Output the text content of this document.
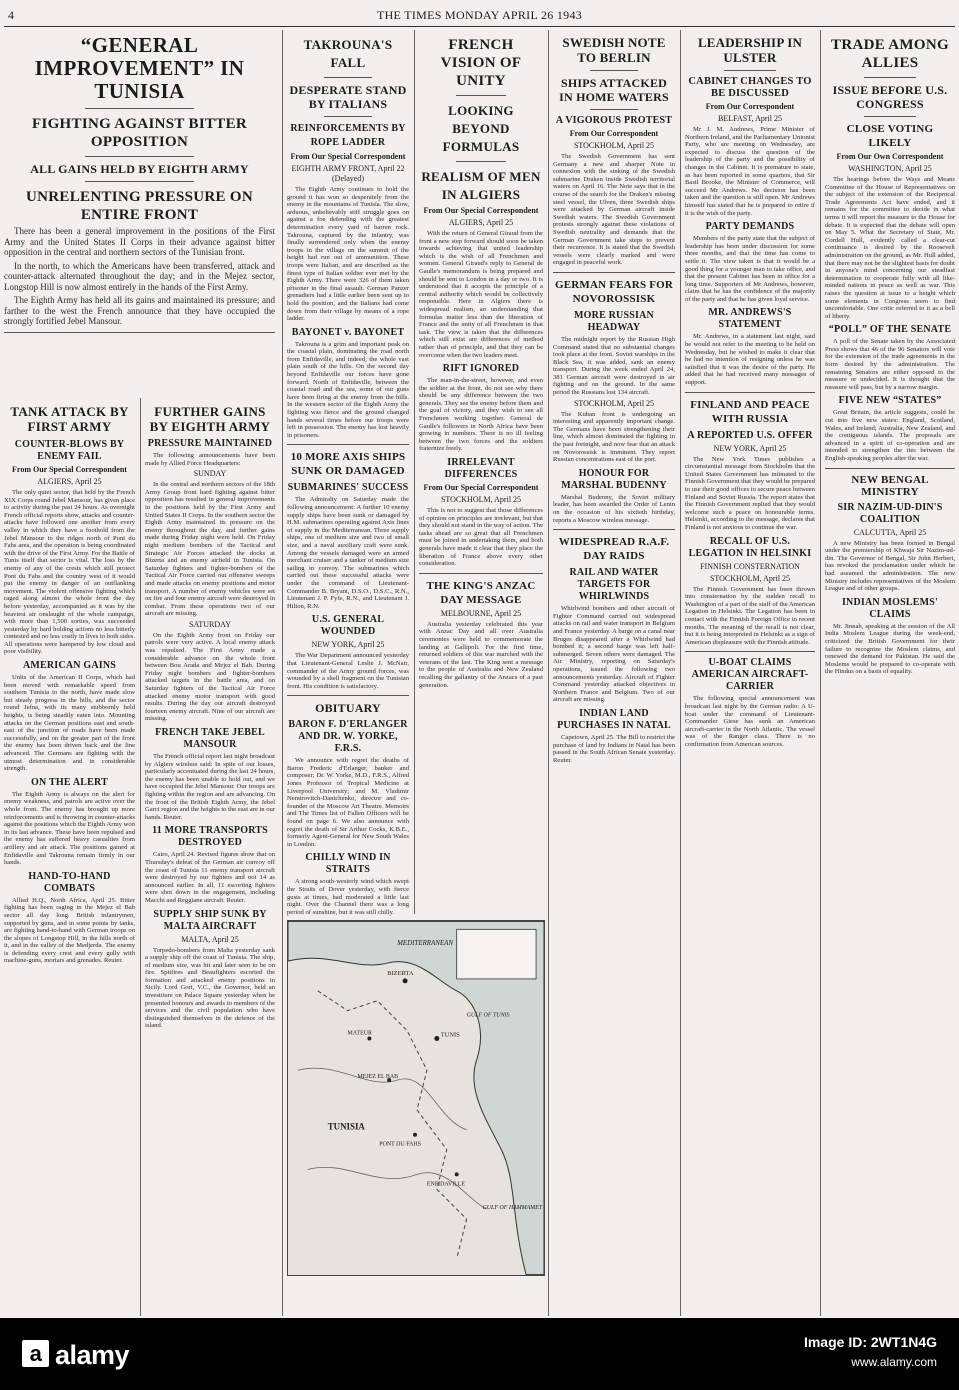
4	THE TIMES MONDAY APRIL 26 1943
“GENERAL IMPROVEMENT” IN TUNISIA
FIGHTING AGAINST BITTER OPPOSITION
ALL GAINS HELD BY EIGHTH ARMY
UNRELENTING PRESSURE ON ENTIRE FRONT

There has been a general improvement in the positions of the First Army and the United States II Corps in their advance against bitter opposition in the central and northern sectors of the Tunisian front.

In the north, to which the Americans have been transferred, attack and counter-attack alternated throughout the day; and in the Mejez sector, Longstop Hill is now almost entirely in the hands of the First Army.

The Eighth Army has held all its gains and maintained its pressure; and farther to the west the French announce that they have occupied the strongly fortified Jebel Mansour.

TANK ATTACK BY FIRST ARMY
COUNTER-BLOWS BY ENEMY FAIL
From Our Special Correspondent
ALGIERS, April 25

The only quiet sector, that held by the French XIX Corps round Jebel Mansour, has given place to activity during the past 24 hours. As overnight French official reports show, attacks and counter-attacks have followed one another from every valley in which they have a foothold from the Jebel Mansour to the ridges north of Pont du Fahs area, and the operation is being coordinated with the drive of the First Army. For the Battle of Tunis itself that sector is vital. The loss by the enemy of any of the crests which still protect Pont du Fahs and the country west of it would put the enemy in danger of an outflanking movement. The violent offensive fighting which raged along almost the whole front the day before yesterday, accompanied as it was by the heaviest air onslaught of the whole campaign, with more than 1,500 sorties, was succeeded yesterday by hard holding actions no less bitterly contested and no less costly in lives to both sides. All operations were hampered by low cloud and poor visibility.

AMERICAN GAINS

Units of the American II Corps, which had been moved with remarkable speed from southern Tunisia to the north, have made slow but steady progress in the hills, and the sector round Jefna, with its many stubbornly held heights, is being steadily eaten into. Mounting attacks on the German positions east and south-east of the junction of roads have been made successfully, and on the greater part of the front the enemy has been driven back and the line advanced. The Germans are fighting with the utmost determination and in considerable strength.

ON THE ALERT

The Eighth Army is always on the alert for enemy weakness, and patrols are active over the whole front. The enemy has brought up more reinforcements and is throwing in counter-attacks against the positions which the Eighth Army won in its last advance. These have been repulsed and the enemy has suffered heavy casualties from artillery and air attack. The positions gained at Enfidaville and Takrouna remain firmly in our hands.

HAND-TO-HAND COMBATS

Allied H.Q., North Africa, April 25. Bitter fighting has been raging in the Mejez el Bab sector all day long. British infantrymen, supported by guns, and in some points by tanks, are fighting hand-to-hand with German troops on the slopes of Longstop Hill, in the hills north of it, and in the valley of the Medjerda. The enemy is defending every crest and every gully with machine-guns, mortars and grenades. Reuter.

FURTHER GAINS BY EIGHTH ARMY
PRESSURE MAINTAINED

The following announcements have been made by Allied Force Headquarters:

SUNDAY

In the central and northern sectors of the 18th Army Group front hard fighting against bitter opposition has resulted in general improvements in the positions held by the First Army and United States II Corps. In the southern sector the Eighth Army maintained its pressure on the enemy throughout the day, and further gains made during Friday night were held. On Friday night medium bombers of the Tactical and Strategic Air Forces attacked the docks at Bizerta and an enemy airfield in Tunisia. On Saturday fighters and fighter-bombers of the Tactical Air Force carried out offensive sweeps and made attacks on enemy positions and motor transport. A number of enemy vehicles were set on fire and four enemy aircraft were destroyed in combat. From these operations two of our aircraft are missing.

SATURDAY

On the Eighth Army front on Friday our patrols were very active. A local enemy attack was repulsed. The First Army made a considerable advance on the whole front between Bou Arada and Mejez el Bab. During Friday night bombers and fighter-bombers attacked targets in the battle area, and on Saturday fighters of the Tactical Air Force attacked enemy motor transport with good results. During the day our aircraft destroyed fourteen enemy aircraft. Nine of our aircraft are missing.

FRENCH TAKE JEBEL MANSOUR

The French official report last night broadcast by Algiers wireless said: In spite of our losses, particularly accentuated during the last 24 hours, the enemy has been unable to hold out, and we have occupied the Jebel Mansour. Our troops are fighting within the region and are advancing. On the front of the British Eighth Army, the Jebel Garci region and the heights to the east are in our hands. Reuter.

11 MORE TRANSPORTS DESTROYED

Cairo, April 24. Revised figures show that on Thursday's defeat of the German air convoy off the coast of Tunisia 11 enemy transport aircraft were destroyed by our fighters and not 14 as announced earlier. In all, 11 escorting fighters were shot down in the engagement, including Macchi and Reggiane aircraft. Reuter.

SUPPLY SHIP SUNK BY MALTA AIRCRAFT
MALTA, April 25

Torpedo-bombers from Malta yesterday sank a supply ship off the coast of Tunisia. The ship, of medium size, was hit and later seen to be on fire. Spitfires and Beaufighters escorted the formation and attacked enemy positions in Sicily. Lord Gort, V.C., the Governor, held an investiture on Palace Square yesterday when he presented honours and awards to members of the services and the civil population who have distinguished themselves in the defence of the island.

TAKROUNA'S FALL
DESPERATE STAND BY ITALIANS
REINFORCEMENTS BY ROPE LADDER
From Our Special Correspondent
EIGHTH ARMY FRONT, April 22 (Delayed)

The Eighth Army continues to hold the ground it has won so desperately from the enemy in the mountains of Tunisia. The slow, arduous, unbelievably stiff struggle goes on against a foe defending with the greatest determination every yard of barren rock. Takrouna, captured by the infantry, was finally surrendered only when the enemy troops in the village on the summit of the height had run out of ammunition. These troops were Italian, and are described as the finest type of Italian soldier ever met by the Eighth Army. There were 326 of them taken prisoner in the final assault. German Panzer grenadiers had a little earlier been sent up to hold the position, and the Italians had come down from their village by means of a rope ladder.

BAYONET v. BAYONET

Takrouna is a grim and important peak on the coastal plain, dominating the road north from Enfidaville, and indeed, the whole vast plain south of the hills. On the second day beyond Enfidaville our forces have gone forward. North of Enfidaville, between the coastal road and the sea, some of our guns have been firing at the enemy from the hills. In the western sector of the Eighth Army the fighting was fierce and the ground changed hands several times before our troops were left in possession. The enemy has lost heavily in prisoners.

10 MORE AXIS SHIPS SUNK OR DAMAGED
SUBMARINES' SUCCESS

The Admiralty on Saturday made the following announcement: A further 10 enemy supply ships have been sunk or damaged by H.M. submarines operating against Axis lines of supply in the Mediterranean. Three supply ships, one of medium size and two of small size, and a naval auxiliary craft were sunk. Among the vessels damaged were an armed merchant cruiser and a tanker of medium size sailing in convoy. The submarines which carried out these successful attacks were under the command of Lieutenant-Commander B. Bryant, D.S.O., D.S.C., R.N., Lieutenant J. P. Fyfe, R.N., and Lieutenant J. Hilton, R.N.

U.S. GENERAL WOUNDED
NEW YORK, April 25

The War Department announced yesterday that Lieutenant-General Leslie J. McNair, commander of the Army ground forces, was wounded by a shell fragment on the Tunisian front. His condition is satisfactory.

OBITUARY
BARON F. D'ERLANGER AND DR. W. YORKE, F.R.S.

We announce with regret the deaths of Baron Frederic d'Erlanger, banker and composer; Dr. W. Yorke, M.D., F.R.S., Alfred Jones Professor of Tropical Medicine at Liverpool University; and M. Vladimir Nemirovitch-Dantchenko, director and co-founder of the Moscow Art Theatre. Memoirs and The Times list of Fallen Officers will be found on page 6. We also announce with regret the death of Sir Arthur Cocks, K.B.E., formerly Agent-General for New South Wales in London.

CHILLY WIND IN STRAITS

A strong south-westerly wind which swept the Straits of Dover yesterday, with fierce gusts at times, had moderated a little last night. Over the Channel there was a long period of sunshine, but it was still chilly.

TUNISIA
BIZERTA
TUNIS
GULF OF TUNIS
GULF OF HAMMAMET
MATEUR
MEJEZ EL BAB
PONT DU FAHS
ENFIDAVILLE
MEDITERRANEAN
FRENCH VISION OF UNITY
LOOKING BEYOND FORMULAS
REALISM OF MEN IN ALGIERS
From Our Special Correspondent
ALGIERS, April 25

With the return of General Giraud from the front a new step forward should soon be taken towards achieving that united leadership which is the wish of all Frenchmen and women. General Giraud's reply to General de Gaulle's memorandum is being prepared and should be sent to London in a day or two. It is understood that it accepts the principle of a central authority which would be collectively responsible. Here in Algiers there is widespread realism, an understanding that formulas matter less than the liberation of France and the unity of all Frenchmen in that task. The view is taken that the differences which still exist are differences of method rather than of principle, and that they can be overcome when the two leaders meet.

RIFT IGNORED

The man-in-the-street, however, and even the soldier at the front, do not see why there should be any difference between the two generals. They see the enemy before them and the goal of victory, and they wish to see all Frenchmen working together. General de Gaulle's followers in North Africa have been growing in numbers. There is no ill feeling between the two forces and the soldiers fraternize freely.

IRRELEVANT DIFFERENCES
From Our Special Correspondent
STOCKHOLM, April 25

This is not to suggest that those differences of opinion on principles are irrelevant, but that they should not stand in the way of action. The tasks ahead are so great that all Frenchmen must be joined in undertaking them, and both generals have made it clear that they place the liberation of France above every other consideration.

THE KING'S ANZAC DAY MESSAGE
MELBOURNE, April 25

Australia yesterday celebrated this year with Anzac Day and all over Australia ceremonies were held to commemorate the landing at Gallipoli. For the first time, returned soldiers of this war marched with the veterans of the last. The King sent a message to the people of Australia and New Zealand recalling the gallantry of the Anzacs of a past generation.

SWEDISH NOTE TO BERLIN
SHIPS ATTACKED IN HOME WATERS
A VIGOROUS PROTEST
From Our Correspondent
STOCKHOLM, April 25

The Swedish Government has sent Germany a new and sharper Note in connexion with the sinking of the Swedish submarine Draken inside Swedish territorial waters on April 16. The Note says that in the course of the search for the Draken's missing steel vessel, the Ulven, three Swedish ships were attacked by German aircraft inside Swedish waters. The Swedish Government protests strongly against these violations of Swedish neutrality and demands that the German Government take steps to prevent their recurrence. It is stated that the Swedish vessels were clearly marked and were engaged in peaceful work.

GERMAN FEARS FOR NOVOROSSISK
MORE RUSSIAN HEADWAY

The midnight report by the Russian High Command stated that no substantial changes took place at the front. Soviet warships in the Black Sea, it was added, sank an enemy transport. During the week ended April 24, 381 German aircraft were destroyed in air fighting and on the ground. In the same period the Russians lost 134 aircraft.

STOCKHOLM, April 25

The Kuban front is undergoing an interesting and apparently important change. The Germans have been strengthening their line, which almost dominated the fighting in the past fortnight, and now fear that an attack on Novorossisk is imminent. They report Russian concentrations east of the port.

HONOUR FOR MARSHAL BUDENNY

Marshal Budenny, the Soviet military leader, has been awarded the Order of Lenin on the occasion of his sixtieth birthday, reports a Moscow wireless message.

WIDESPREAD R.A.F. DAY RAIDS
RAIL AND WATER TARGETS FOR WHIRLWINDS

Whirlwind bombers and other aircraft of Fighter Command carried out widespread attacks on rail and water transport in Belgium and France yesterday. A barge on a canal near Bruges disappeared after a Whirlwind had bombed it; a second barge was left half-submerged. Seven others were damaged. The Air Ministry, reporting on Saturday's operations, issued the following two announcements yesterday. Aircraft of Fighter Command yesterday attacked objectives in Northern France and Belgium. Two of our aircraft are missing.

INDIAN LAND PURCHASES IN NATAL

Capetown, April 25. The Bill to restrict the purchase of land by Indians in Natal has been passed in the South African Senate yesterday. Reuter.

LEADERSHIP IN ULSTER
CABINET CHANGES TO BE DISCUSSED
From Our Correspondent
BELFAST, April 25

Mr J. M. Andrews, Prime Minister of Northern Ireland, and the Parliamentary Unionist Party, who are meeting on Wednesday, are expected to discuss the question of the leadership of the party and the possibility of changes in the Cabinet. It is premature to state, as has been reported in some quarters, that Sir Basil Brooke, the Minister of Commerce, will succeed Mr Andrews. No decision has been taken and the question is still open. Mr Andrews himself has stated that he is prepared to retire if it is the wish of the party.

PARTY DEMANDS

Members of the party state that the subject of leadership has been under discussion for some three months, and that the time has come to settle it. The view taken is that it would be a good thing for a younger man to take office, and that the present Cabinet has been in office for a long time. Supporters of Mr Andrews, however, claim that he has the confidence of the majority of the party and that he has given loyal service.

MR. ANDREWS'S STATEMENT

Mr. Andrews, in a statement last night, said he would not refer to the meeting to be held on Wednesday, but he wished to make it clear that he had no intention of resigning unless he was satisfied that it was the desire of the party. He added that he had received many messages of support.

FINLAND AND PEACE WITH RUSSIA
A REPORTED U.S. OFFER
NEW YORK, April 25

The New York Times publishes a circumstantial message from Stockholm that the United States Government has intimated to the Finnish Government that they would be prepared to use their good offices to secure peace between Finland and Soviet Russia. The report states that the Finnish Government replied that they would welcome such a peace on honourable terms. Helsinki, according to the message, declares that Finland is not anxious to continue the war.

RECALL OF U.S. LEGATION IN HELSINKI
FINNISH CONSTERNATION
STOCKHOLM, April 25

The Finnish Government has been thrown into consternation by the sudden recall to Washington of a part of the staff of the American Legation in Helsinki. The Legation has been in contact with the Finnish Foreign Office in recent months. The meaning of the recall is not clear, but it is being interpreted in Helsinki as a sign of American displeasure with the Finnish attitude.

U-BOAT CLAIMS AMERICAN AIRCRAFT-CARRIER

The following special announcement was broadcast last night by the German radio: A U-boat under the command of Lieutenant-Commander Giese has sunk an American aircraft-carrier in the North Atlantic. The vessel was of the Ranger class. There is no confirmation from American sources.

TRADE AMONG ALLIES
ISSUE BEFORE U.S. CONGRESS
CLOSE VOTING LIKELY
From Our Own Correspondent
WASHINGTON, April 25

The hearings before the Ways and Means Committee of the House of Representatives on the subject of the extension of the Reciprocal Trade Agreements Act have ended, and it remains for the committee to decide in what terms it will report the measure to the House for debate. It is expected that the debate will open on May 5. What the Secretary of State, Mr. Cordell Hull, evidently called a clear-cut continuance is desired by the Roosevelt administration on the ground, as Mr. Hull added, that there may not be the slightest basis for doubt in anyone's mind concerning our steadfast determination to cooperate fully with all like-minded nations in peace as well as war. This raises the question at issue to a height which some elements in Congress seem to find uncomfortable. One critic referred to it as a bell of liberty.

“POLL” OF THE SENATE

A poll of the Senate taken by the Associated Press shows that 46 of the 96 Senators will vote for the extension of the trade agreements in the form desired by the administration. The remaining Senators are either opposed to the measure or undecided. It is thought that the measure will pass, but by a narrow margin.

FIVE NEW “STATES”

Great Britain, the article suggests, could be cut into five new states: England, Scotland, Wales, and Ireland; Australia, New Zealand, and the contiguous islands. The proposals are advanced in a spirit of co-operation and are intended to strengthen the ties between the English-speaking peoples after the war.

NEW BENGAL MINISTRY
SIR NAZIM-UD-DIN'S COALITION
CALCUTTA, April 25

A new Ministry has been formed in Bengal under the premiership of Khwaja Sir Nazim-ud-din. The Governor of Bengal, Sir John Herbert, has revoked the proclamation under which he had assumed the administration. The new Ministry includes representatives of the Moslem League and of other groups.

INDIAN MOSLEMS' CLAIMS

Mr. Jinnah, speaking at the session of the All India Moslem League during the week-end, criticized the British Government for their failure to recognize the Moslem claims, and renewed the demand for Pakistan. He said the Moslems would be prepared to co-operate with the Hindus on a basis of equality.

a alamy	Image ID: 2WT1N4G
www.alamy.com
